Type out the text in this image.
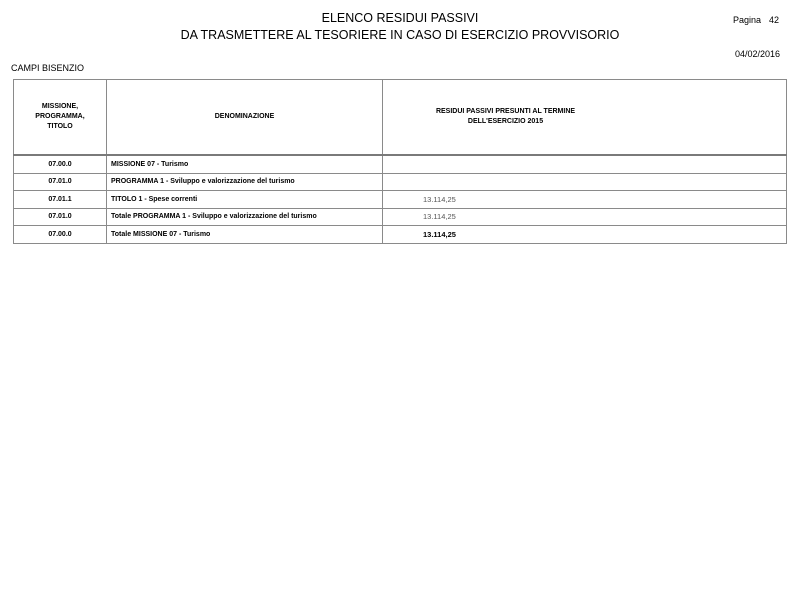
ELENCO RESIDUI PASSIVI
DA TRASMETTERE AL TESORIERE IN CASO DI ESERCIZIO PROVVISORIO
Pagina 42
04/02/2016
CAMPI BISENZIO
MISSIONE,
PROGRAMMA,
TITOLO	DENOMINAZIONE	RESIDUI PASSIVI PRESUNTI AL TERMINE
DELL'ESERCIZIO 2015

07.00.0	MISSIONE 07 - Turismo	
07.01.0	PROGRAMMA 1 - Sviluppo e valorizzazione del turismo	
07.01.1	TITOLO 1 - Spese correnti	13.114,25
07.01.0	Totale PROGRAMMA 1 - Sviluppo e valorizzazione del turismo	13.114,25
07.00.0	Totale MISSIONE 07 - Turismo	13.114,25
